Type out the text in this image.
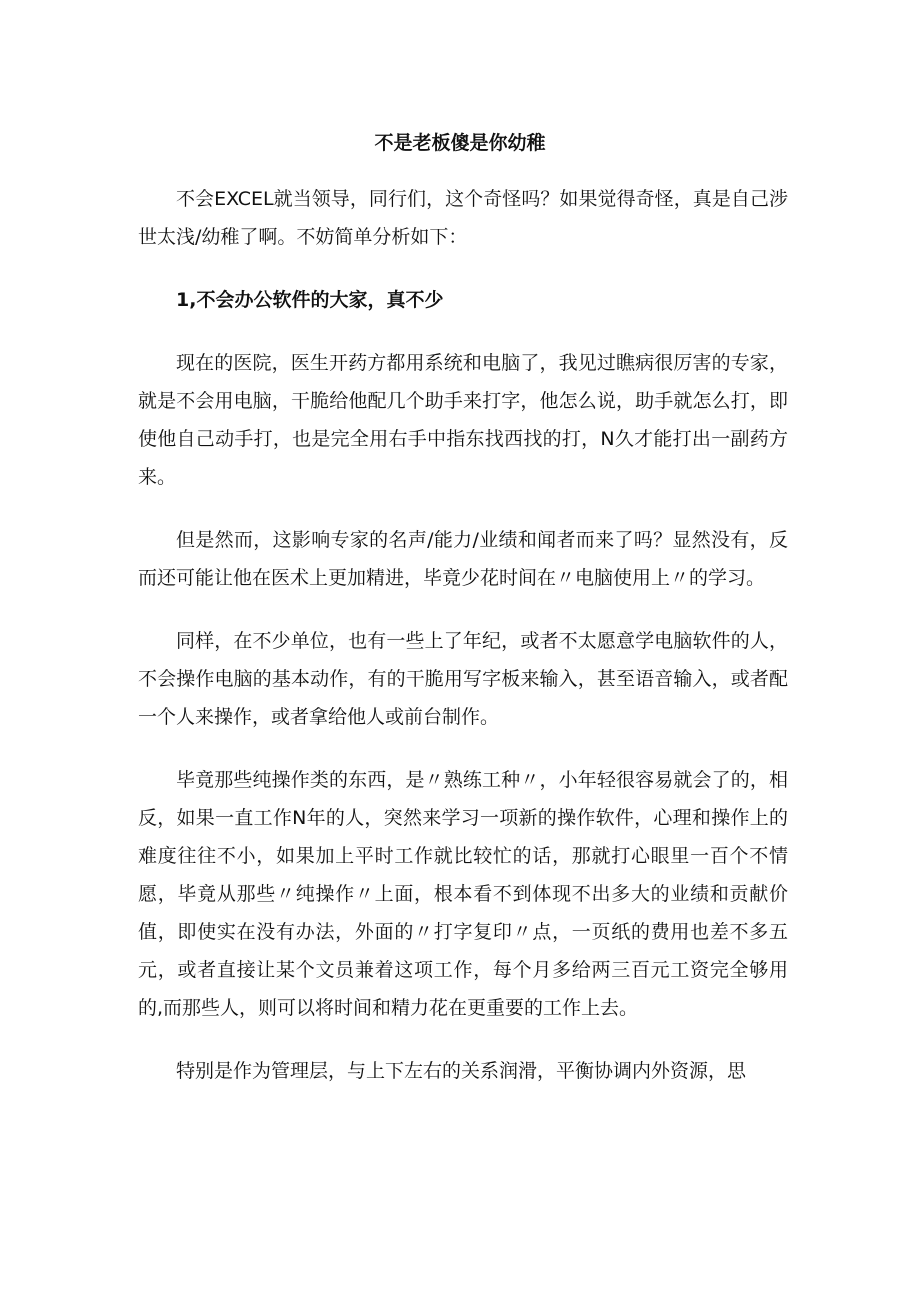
不是老板傻是你幼稚

不会EXCEL就当领导，同行们，这个奇怪吗？如果觉得奇怪，真是自己涉世太浅/幼稚了啊。不妨简单分析如下：

1,不会办公软件的大家，真不少

现在的医院，医生开药方都用系统和电脑了，我见过瞧病很厉害的专家，就是不会用电脑，干脆给他配几个助手来打字，他怎么说，助手就怎么打，即使他自己动手打，也是完全用右手中指东找西找的打，N久才能打出一副药方来。

但是然而，这影响专家的名声/能力/业绩和闻者而来了吗？显然没有，反而还可能让他在医术上更加精进，毕竟少花时间在〃电脑使用上〃的学习。

同样，在不少单位，也有一些上了年纪，或者不太愿意学电脑软件的人，不会操作电脑的基本动作，有的干脆用写字板来输入，甚至语音输入，或者配一个人来操作，或者拿给他人或前台制作。

毕竟那些纯操作类的东西，是〃熟练工种〃，小年轻很容易就会了的，相反，如果一直工作N年的人，突然来学习一项新的操作软件，心理和操作上的难度往往不小，如果加上平时工作就比较忙的话，那就打心眼里一百个不情愿，毕竟从那些〃纯操作〃上面，根本看不到体现不出多大的业绩和贡献价值，即使实在没有办法，外面的〃打字复印〃点，一页纸的费用也差不多五元，或者直接让某个文员兼着这项工作，每个月多给两三百元工资完全够用的,而那些人，则可以将时间和精力花在更重要的工作上去。

特别是作为管理层，与上下左右的关系润滑，平衡协调内外资源，思
